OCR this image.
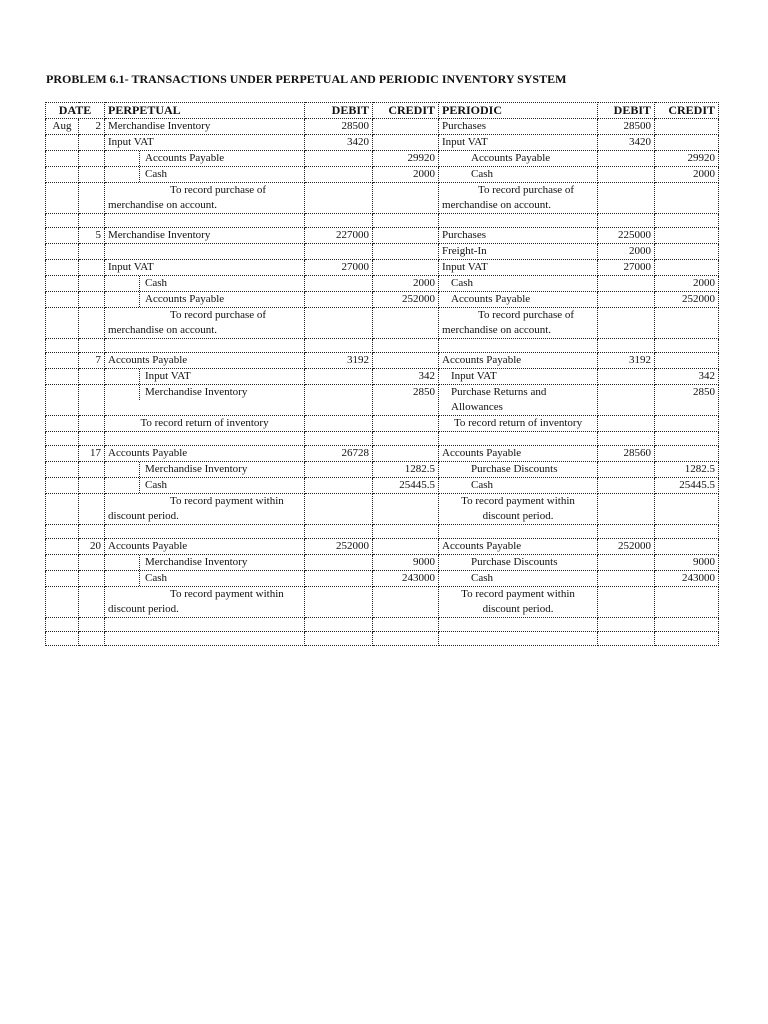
PROBLEM 6.1- TRANSACTIONS UNDER PERPETUAL AND PERIODIC INVENTORY SYSTEM
DATE		PERPETUAL	DEBIT	CREDIT	PERIODIC	DEBIT	CREDIT
Aug	2	Merchandise Inventory	28500		Purchases	28500	
		Input VAT	3420		Input VAT	3420	
		Accounts Payable		29920	Accounts Payable		29920
		Cash		2000	Cash		2000
		To record purchase of merchandise on account.			To record purchase of merchandise on account.		

	5	Merchandise Inventory	227000		Purchases	225000	
					Freight-In	2000	
		Input VAT	27000		Input VAT	27000	
		Cash		2000	Cash		2000
		Accounts Payable		252000	Accounts Payable		252000
		To record purchase of merchandise on account.			To record purchase of merchandise on account.		

	7	Accounts Payable	3192		Accounts Payable	3192	
		Input VAT		342	Input VAT		342
		Merchandise Inventory		2850	Purchase Returns and Allowances		2850
		To record return of inventory			To record return of inventory		

	17	Accounts Payable	26728		Accounts Payable	28560	
		Merchandise Inventory		1282.5	Purchase Discounts		1282.5
		Cash		25445.5	Cash		25445.5
		To record payment within discount period.			To record payment within discount period.		

	20	Accounts Payable	252000		Accounts Payable	252000	
		Merchandise Inventory		9000	Purchase Discounts		9000
		Cash		243000	Cash		243000
		To record payment within discount period.			To record payment within discount period.		
